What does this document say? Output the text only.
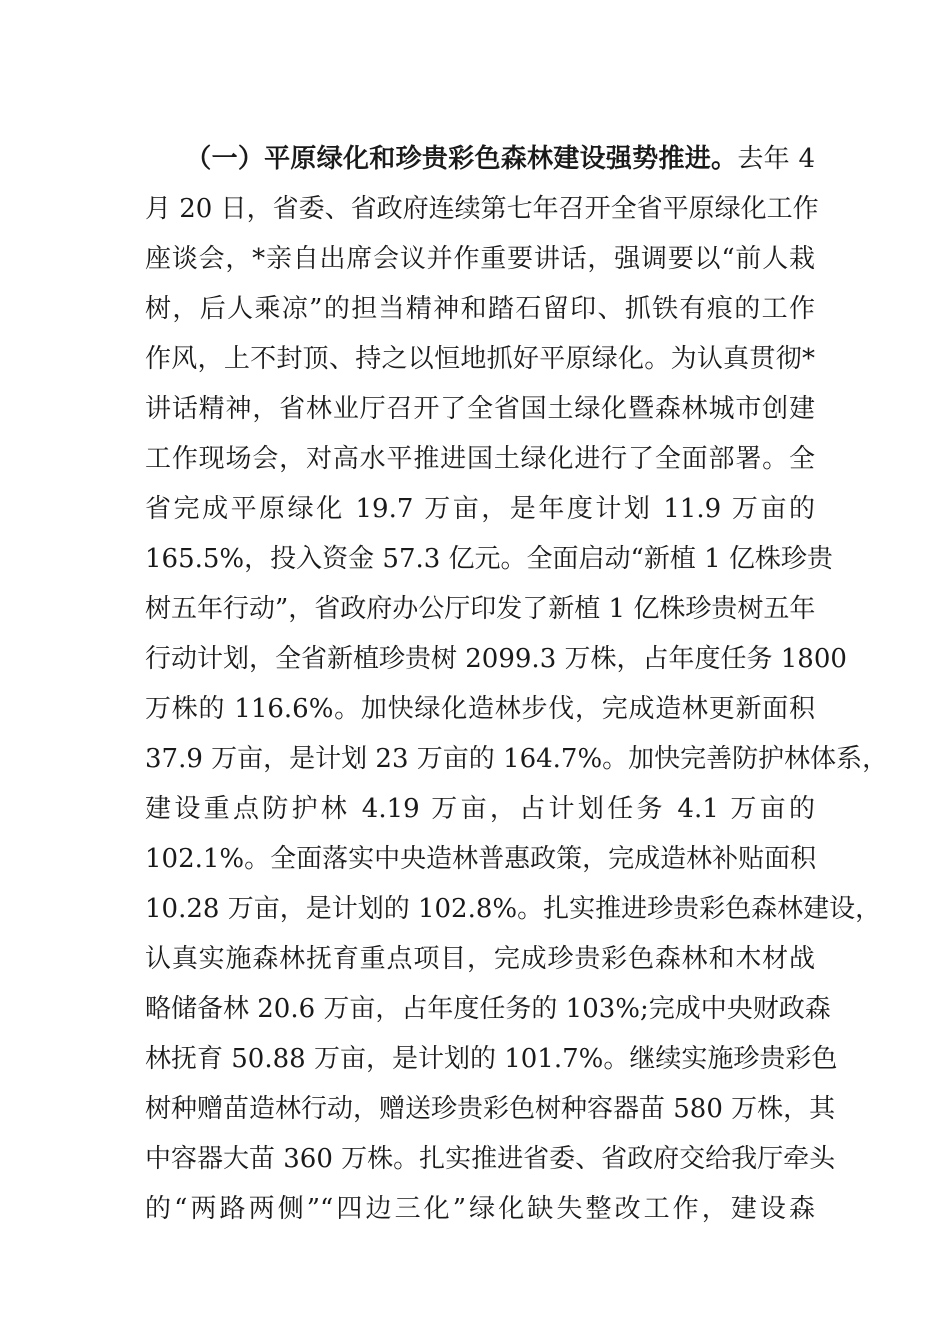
（一）平原绿化和珍贵彩色森林建设强势推进。去年 4
月 20 日，省委、省政府连续第七年召开全省平原绿化工作
座谈会，*亲自出席会议并作重要讲话，强调要以“前人栽
树，后人乘凉”的担当精神和踏石留印、抓铁有痕的工作
作风，上不封顶、持之以恒地抓好平原绿化。为认真贯彻*
讲话精神，省林业厅召开了全省国土绿化暨森林城市创建
工作现场会，对高水平推进国土绿化进行了全面部署。全
省完成平原绿化 19.7 万亩，是年度计划 11.9 万亩的
165.5%，投入资金 57.3 亿元。全面启动“新植 1 亿株珍贵
树五年行动”，省政府办公厅印发了新植 1 亿株珍贵树五年
行动计划，全省新植珍贵树 2099.3 万株，占年度任务 1800
万株的 116.6%。加快绿化造林步伐，完成造林更新面积
37.9 万亩，是计划 23 万亩的 164.7%。加快完善防护林体系，
建设重点防护林 4.19 万亩，占计划任务 4.1 万亩的
102.1%。全面落实中央造林普惠政策，完成造林补贴面积
10.28 万亩，是计划的 102.8%。扎实推进珍贵彩色森林建设，
认真实施森林抚育重点项目，完成珍贵彩色森林和木材战
略储备林 20.6 万亩，占年度任务的 103%;完成中央财政森
林抚育 50.88 万亩，是计划的 101.7%。继续实施珍贵彩色
树种赠苗造林行动，赠送珍贵彩色树种容器苗 580 万株，其
中容器大苗 360 万株。扎实推进省委、省政府交给我厅牵头
的“两路两侧”“四边三化”绿化缺失整改工作，建设森
